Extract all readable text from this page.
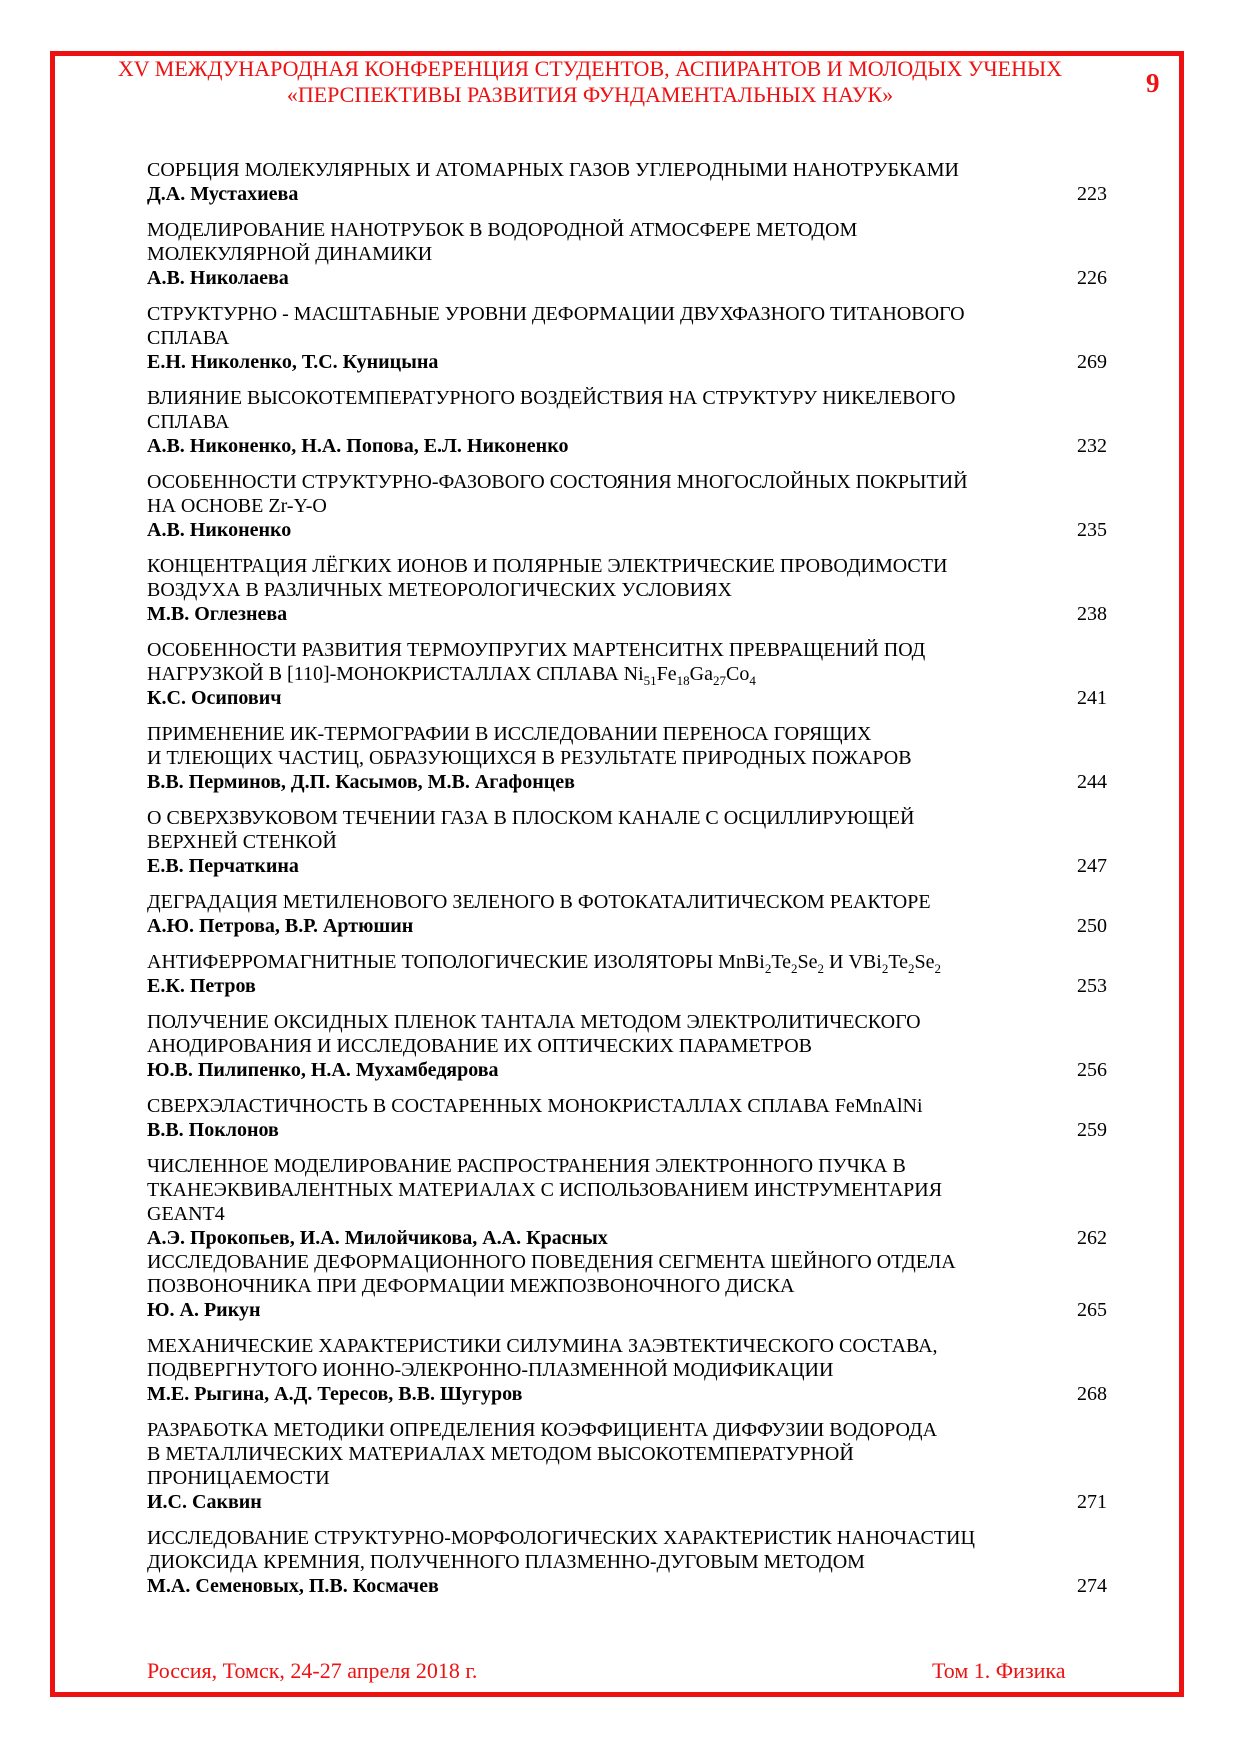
XV МЕЖДУНАРОДНАЯ КОНФЕРЕНЦИЯ СТУДЕНТОВ, АСПИРАНТОВ И МОЛОДЫХ УЧЕНЫХ
«ПЕРСПЕКТИВЫ РАЗВИТИЯ ФУНДАМЕНТАЛЬНЫХ НАУК»	9
СОРБЦИЯ МОЛЕКУЛЯРНЫХ И АТОМАРНЫХ ГАЗОВ УГЛЕРОДНЫМИ НАНОТРУБКАМИ
Д.А. Мустахиева	223
МОДЕЛИРОВАНИЕ НАНОТРУБОК В ВОДОРОДНОЙ АТМОСФЕРЕ МЕТОДОМ
МОЛЕКУЛЯРНОЙ ДИНАМИКИ
А.В. Николаева	226
СТРУКТУРНО - МАСШТАБНЫЕ УРОВНИ ДЕФОРМАЦИИ ДВУХФАЗНОГО ТИТАНОВОГО
СПЛАВА
Е.Н. Николенко, Т.С. Куницына	269
ВЛИЯНИЕ ВЫСОКОТЕМПЕРАТУРНОГО ВОЗДЕЙСТВИЯ НА СТРУКТУРУ НИКЕЛЕВОГО
СПЛАВА
А.В. Никоненко, Н.А. Попова, Е.Л. Никоненко	232
ОСОБЕННОСТИ СТРУКТУРНО-ФАЗОВОГО СОСТОЯНИЯ МНОГОСЛОЙНЫХ ПОКРЫТИЙ
НА ОСНОВЕ Zr-Y-O
А.В. Никоненко	235
КОНЦЕНТРАЦИЯ ЛЁГКИХ ИОНОВ И ПОЛЯРНЫЕ ЭЛЕКТРИЧЕСКИЕ ПРОВОДИМОСТИ
ВОЗДУХА В РАЗЛИЧНЫХ МЕТЕОРОЛОГИЧЕСКИХ УСЛОВИЯХ
М.В. Оглезнева	238
ОСОБЕННОСТИ РАЗВИТИЯ ТЕРМОУПРУГИХ МАРТЕНСИТНХ ПРЕВРАЩЕНИЙ ПОД
НАГРУЗКОЙ В [110]-МОНОКРИСТАЛЛАХ СПЛАВА $Ni_{51}Fe_{18}Ga_{27}Co_4$
К.С. Осипович	241
ПРИМЕНЕНИЕ ИК-ТЕРМОГРАФИИ В ИССЛЕДОВАНИИ ПЕРЕНОСА ГОРЯЩИХ
И ТЛЕЮЩИХ ЧАСТИЦ, ОБРАЗУЮЩИХСЯ В РЕЗУЛЬТАТЕ ПРИРОДНЫХ ПОЖАРОВ
В.В. Перминов, Д.П. Касымов, М.В. Агафонцев	244
О СВЕРХЗВУКОВОМ ТЕЧЕНИИ ГАЗА В ПЛОСКОМ КАНАЛЕ С ОСЦИЛЛИРУЮЩЕЙ
ВЕРХНЕЙ СТЕНКОЙ
Е.В. Перчаткина	247
ДЕГРАДАЦИЯ МЕТИЛЕНОВОГО ЗЕЛЕНОГО В ФОТОКАТАЛИТИЧЕСКОМ РЕАКТОРЕ
А.Ю. Петрова, В.Р. Артюшин	250
АНТИФЕРРОМАГНИТНЫЕ ТОПОЛОГИЧЕСКИЕ ИЗОЛЯТОРЫ $MnBi_2Te_2Se_2$ И $VBi_2Te_2Se_2$
Е.К. Петров	253
ПОЛУЧЕНИЕ ОКСИДНЫХ ПЛЕНОК ТАНТАЛА МЕТОДОМ ЭЛЕКТРОЛИТИЧЕСКОГО
АНОДИРОВАНИЯ И ИССЛЕДОВАНИЕ ИХ ОПТИЧЕСКИХ ПАРАМЕТРОВ
Ю.В. Пилипенко, Н.А. Мухамбедярова	256
СВЕРХЭЛАСТИЧНОСТЬ В СОСТАРЕННЫХ МОНОКРИСТАЛЛАХ СПЛАВА FeMnAlNi
В.В. Поклонов	259
ЧИСЛЕННОЕ МОДЕЛИРОВАНИЕ РАСПРОСТРАНЕНИЯ ЭЛЕКТРОННОГО ПУЧКА В
ТКАНЕЭКВИВАЛЕНТНЫХ МАТЕРИАЛАХ С ИСПОЛЬЗОВАНИЕМ ИНСТРУМЕНТАРИЯ
GEANT4
А.Э. Прокопьев, И.А. Милойчикова, А.А. Красных	262
ИССЛЕДОВАНИЕ ДЕФОРМАЦИОННОГО ПОВЕДЕНИЯ СЕГМЕНТА ШЕЙНОГО ОТДЕЛА
ПОЗВОНОЧНИКА ПРИ ДЕФОРМАЦИИ МЕЖПОЗВОНОЧНОГО ДИСКА
Ю. А. Рикун	265
МЕХАНИЧЕСКИЕ ХАРАКТЕРИСТИКИ СИЛУМИНА ЗАЭВТЕКТИЧЕСКОГО СОСТАВА,
ПОДВЕРГНУТОГО ИОННО-ЭЛЕКРОННО-ПЛАЗМЕННОЙ МОДИФИКАЦИИ
М.Е. Рыгина, А.Д. Тересов, В.В. Шугуров	268
РАЗРАБОТКА МЕТОДИКИ ОПРЕДЕЛЕНИЯ КОЭФФИЦИЕНТА ДИФФУЗИИ ВОДОРОДА
В МЕТАЛЛИЧЕСКИХ МАТЕРИАЛАХ МЕТОДОМ ВЫСОКОТЕМПЕРАТУРНОЙ
ПРОНИЦАЕМОСТИ
И.С. Саквин	271
ИССЛЕДОВАНИЕ СТРУКТУРНО-МОРФОЛОГИЧЕСКИХ ХАРАКТЕРИСТИК НАНОЧАСТИЦ
ДИОКСИДА КРЕМНИЯ, ПОЛУЧЕННОГО ПЛАЗМЕННО-ДУГОВЫМ МЕТОДОМ
М.А. Семеновых, П.В. Космачев	274
Россия, Томск, 24-27 апреля 2018 г.	Том 1. Физика
